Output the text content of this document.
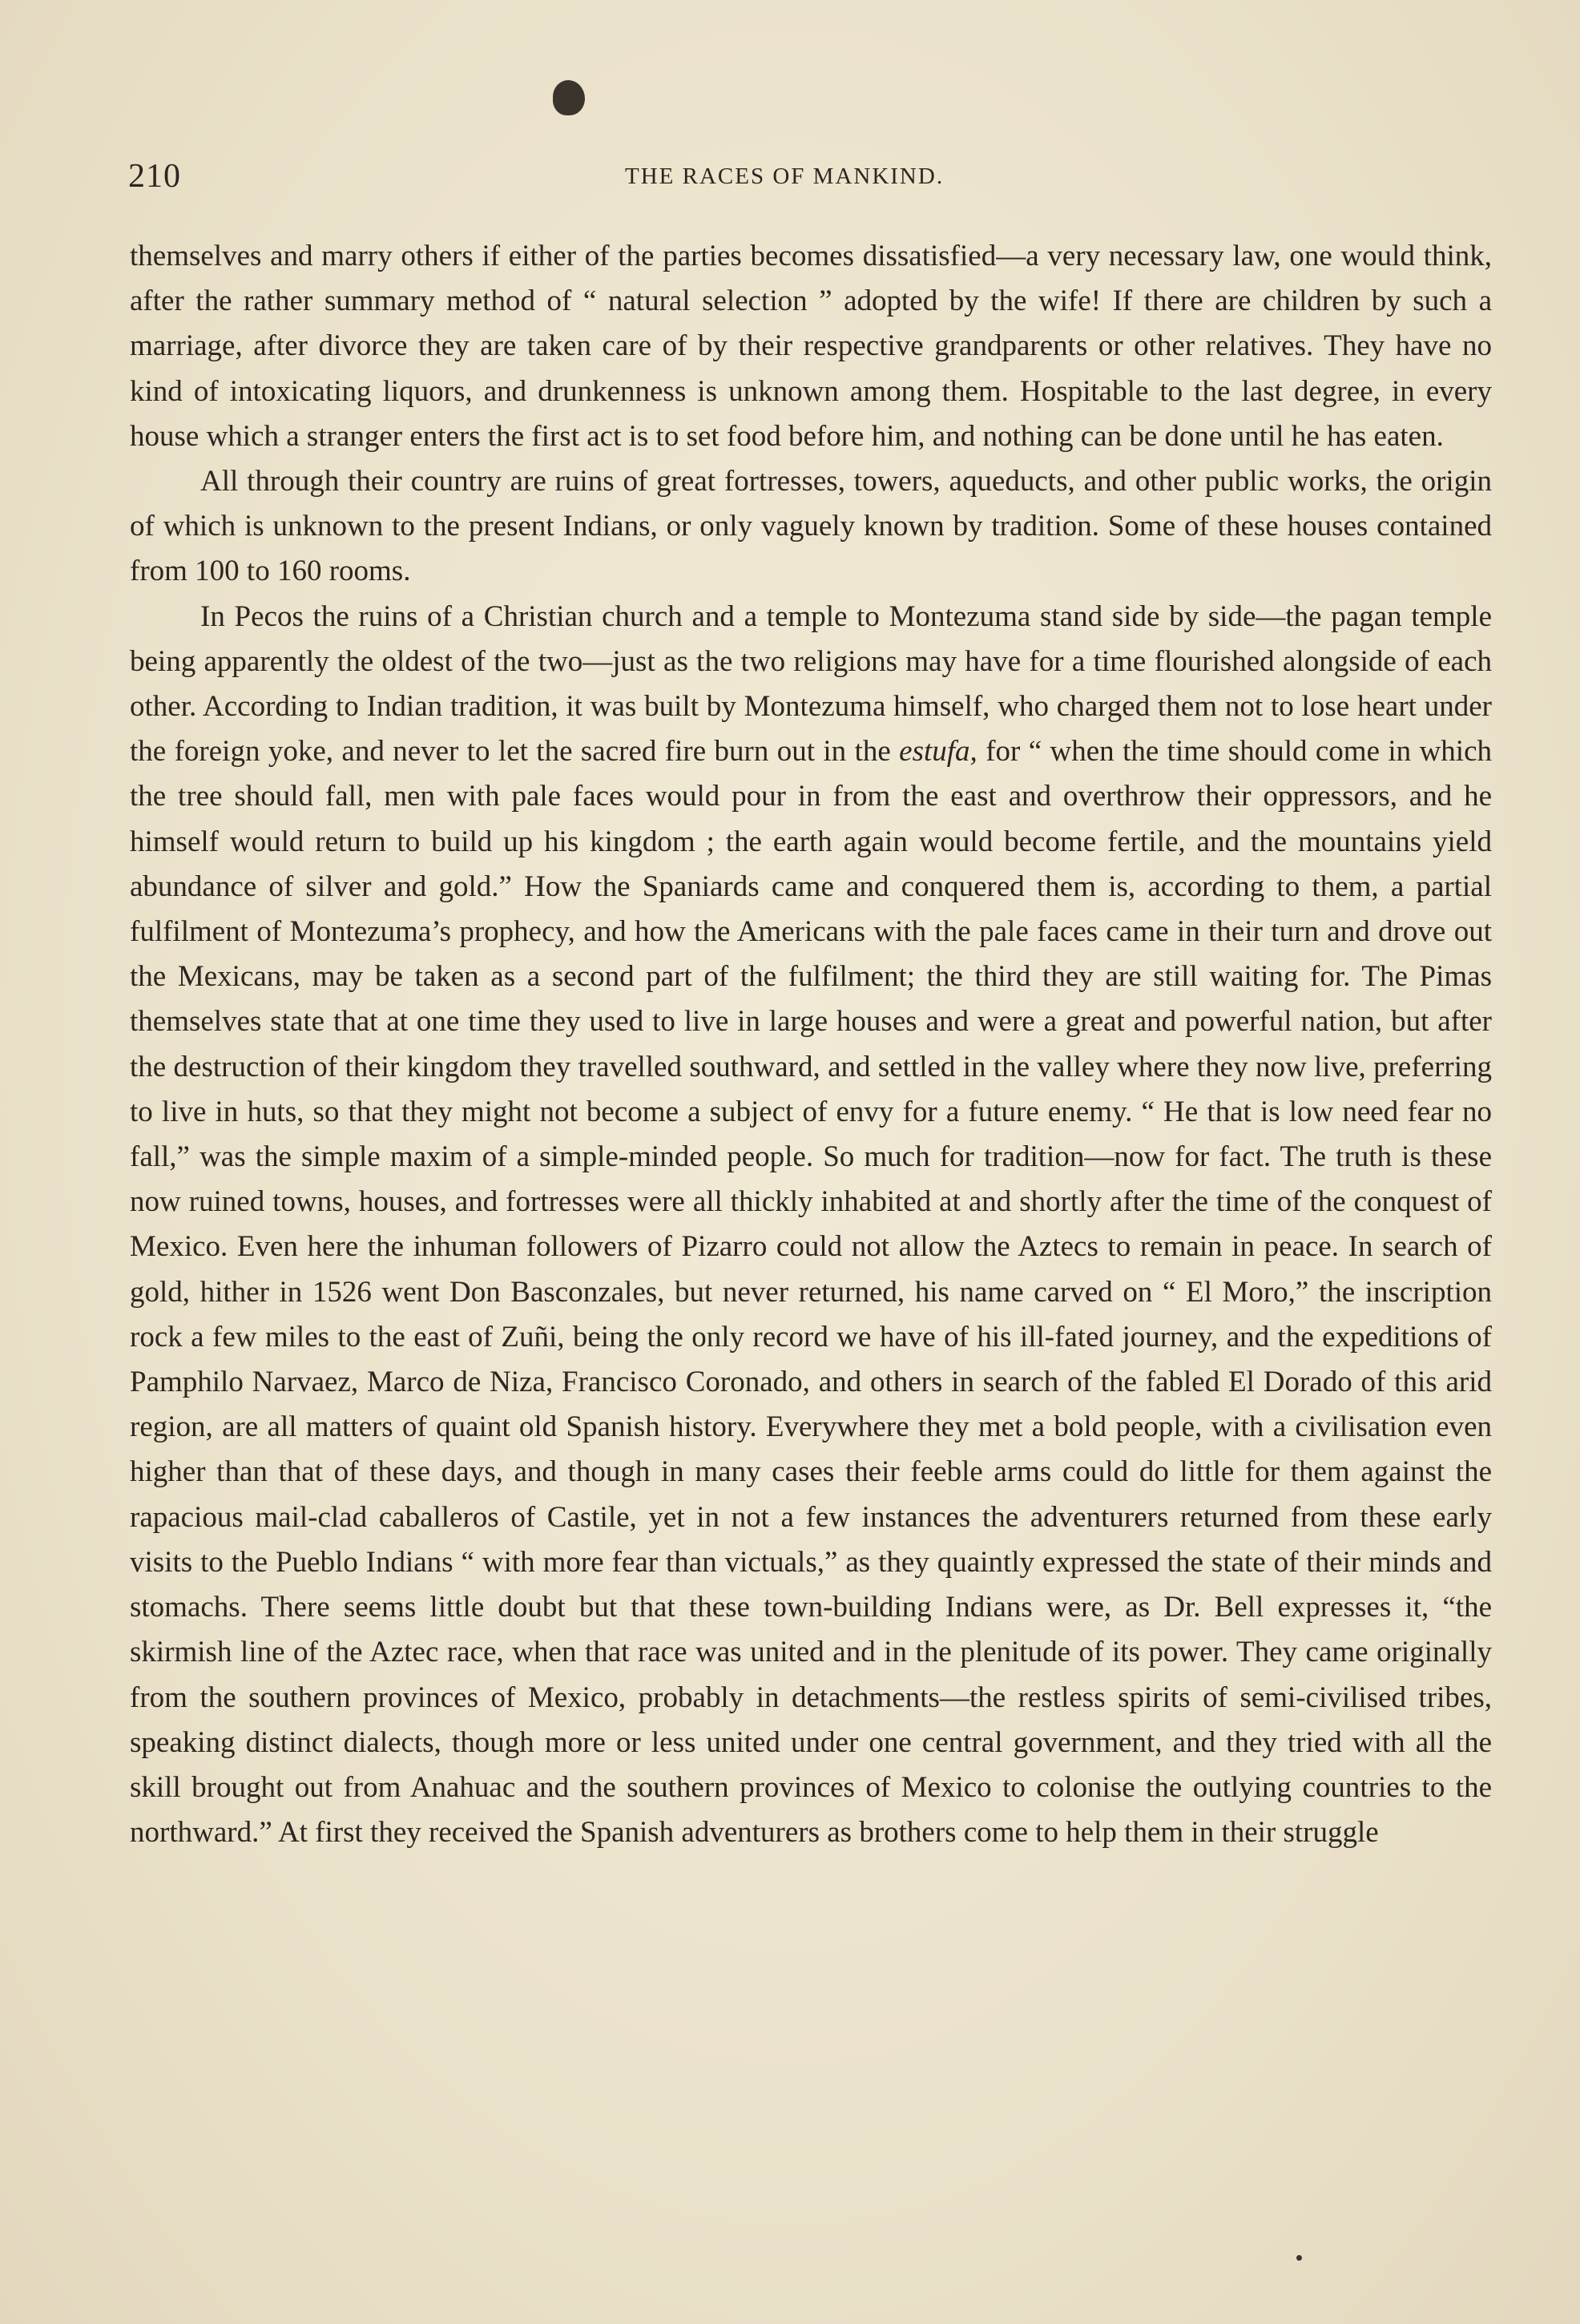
210	THE RACES OF MANKIND.

themselves and marry others if either of the parties becomes dissatisfied—a very necessary law, one would think, after the rather summary method of “ natural selection ” adopted by the wife! If there are children by such a marriage, after divorce they are taken care of by their respective grandparents or other relatives. They have no kind of intoxicating liquors, and drunkenness is unknown among them. Hospitable to the last degree, in every house which a stranger enters the first act is to set food before him, and nothing can be done until he has eaten.

All through their country are ruins of great fortresses, towers, aqueducts, and other public works, the origin of which is unknown to the present Indians, or only vaguely known by tradition. Some of these houses contained from 100 to 160 rooms.

In Pecos the ruins of a Christian church and a temple to Montezuma stand side by side—the pagan temple being apparently the oldest of the two—just as the two religions may have for a time flourished alongside of each other. According to Indian tradition, it was built by Montezuma himself, who charged them not to lose heart under the foreign yoke, and never to let the sacred fire burn out in the estufa, for “ when the time should come in which the tree should fall, men with pale faces would pour in from the east and overthrow their oppressors, and he himself would return to build up his kingdom ; the earth again would become fertile, and the mountains yield abundance of silver and gold.” How the Spaniards came and conquered them is, according to them, a partial fulfilment of Montezuma’s prophecy, and how the Americans with the pale faces came in their turn and drove out the Mexicans, may be taken as a second part of the fulfilment; the third they are still waiting for. The Pimas themselves state that at one time they used to live in large houses and were a great and powerful nation, but after the destruction of their kingdom they travelled southward, and settled in the valley where they now live, preferring to live in huts, so that they might not become a subject of envy for a future enemy. “ He that is low need fear no fall,” was the simple maxim of a simple-minded people. So much for tradition—now for fact. The truth is these now ruined towns, houses, and fortresses were all thickly inhabited at and shortly after the time of the conquest of Mexico. Even here the inhuman followers of Pizarro could not allow the Aztecs to remain in peace. In search of gold, hither in 1526 went Don Basconzales, but never returned, his name carved on “ El Moro,” the inscription rock a few miles to the east of Zuñi, being the only record we have of his ill-fated journey, and the expeditions of Pamphilo Narvaez, Marco de Niza, Francisco Coronado, and others in search of the fabled El Dorado of this arid region, are all matters of quaint old Spanish history. Everywhere they met a bold people, with a civilisation even higher than that of these days, and though in many cases their feeble arms could do little for them against the rapacious mail-clad caballeros of Castile, yet in not a few instances the adventurers returned from these early visits to the Pueblo Indians “ with more fear than victuals,” as they quaintly expressed the state of their minds and stomachs. There seems little doubt but that these town-building Indians were, as Dr. Bell expresses it, “the skirmish line of the Aztec race, when that race was united and in the plenitude of its power. They came originally from the southern provinces of Mexico, probably in detachments—the restless spirits of semi-civilised tribes, speaking distinct dialects, though more or less united under one central government, and they tried with all the skill brought out from Anahuac and the southern provinces of Mexico to colonise the outlying countries to the northward.” At first they received the Spanish adventurers as brothers come to help them in their struggle
